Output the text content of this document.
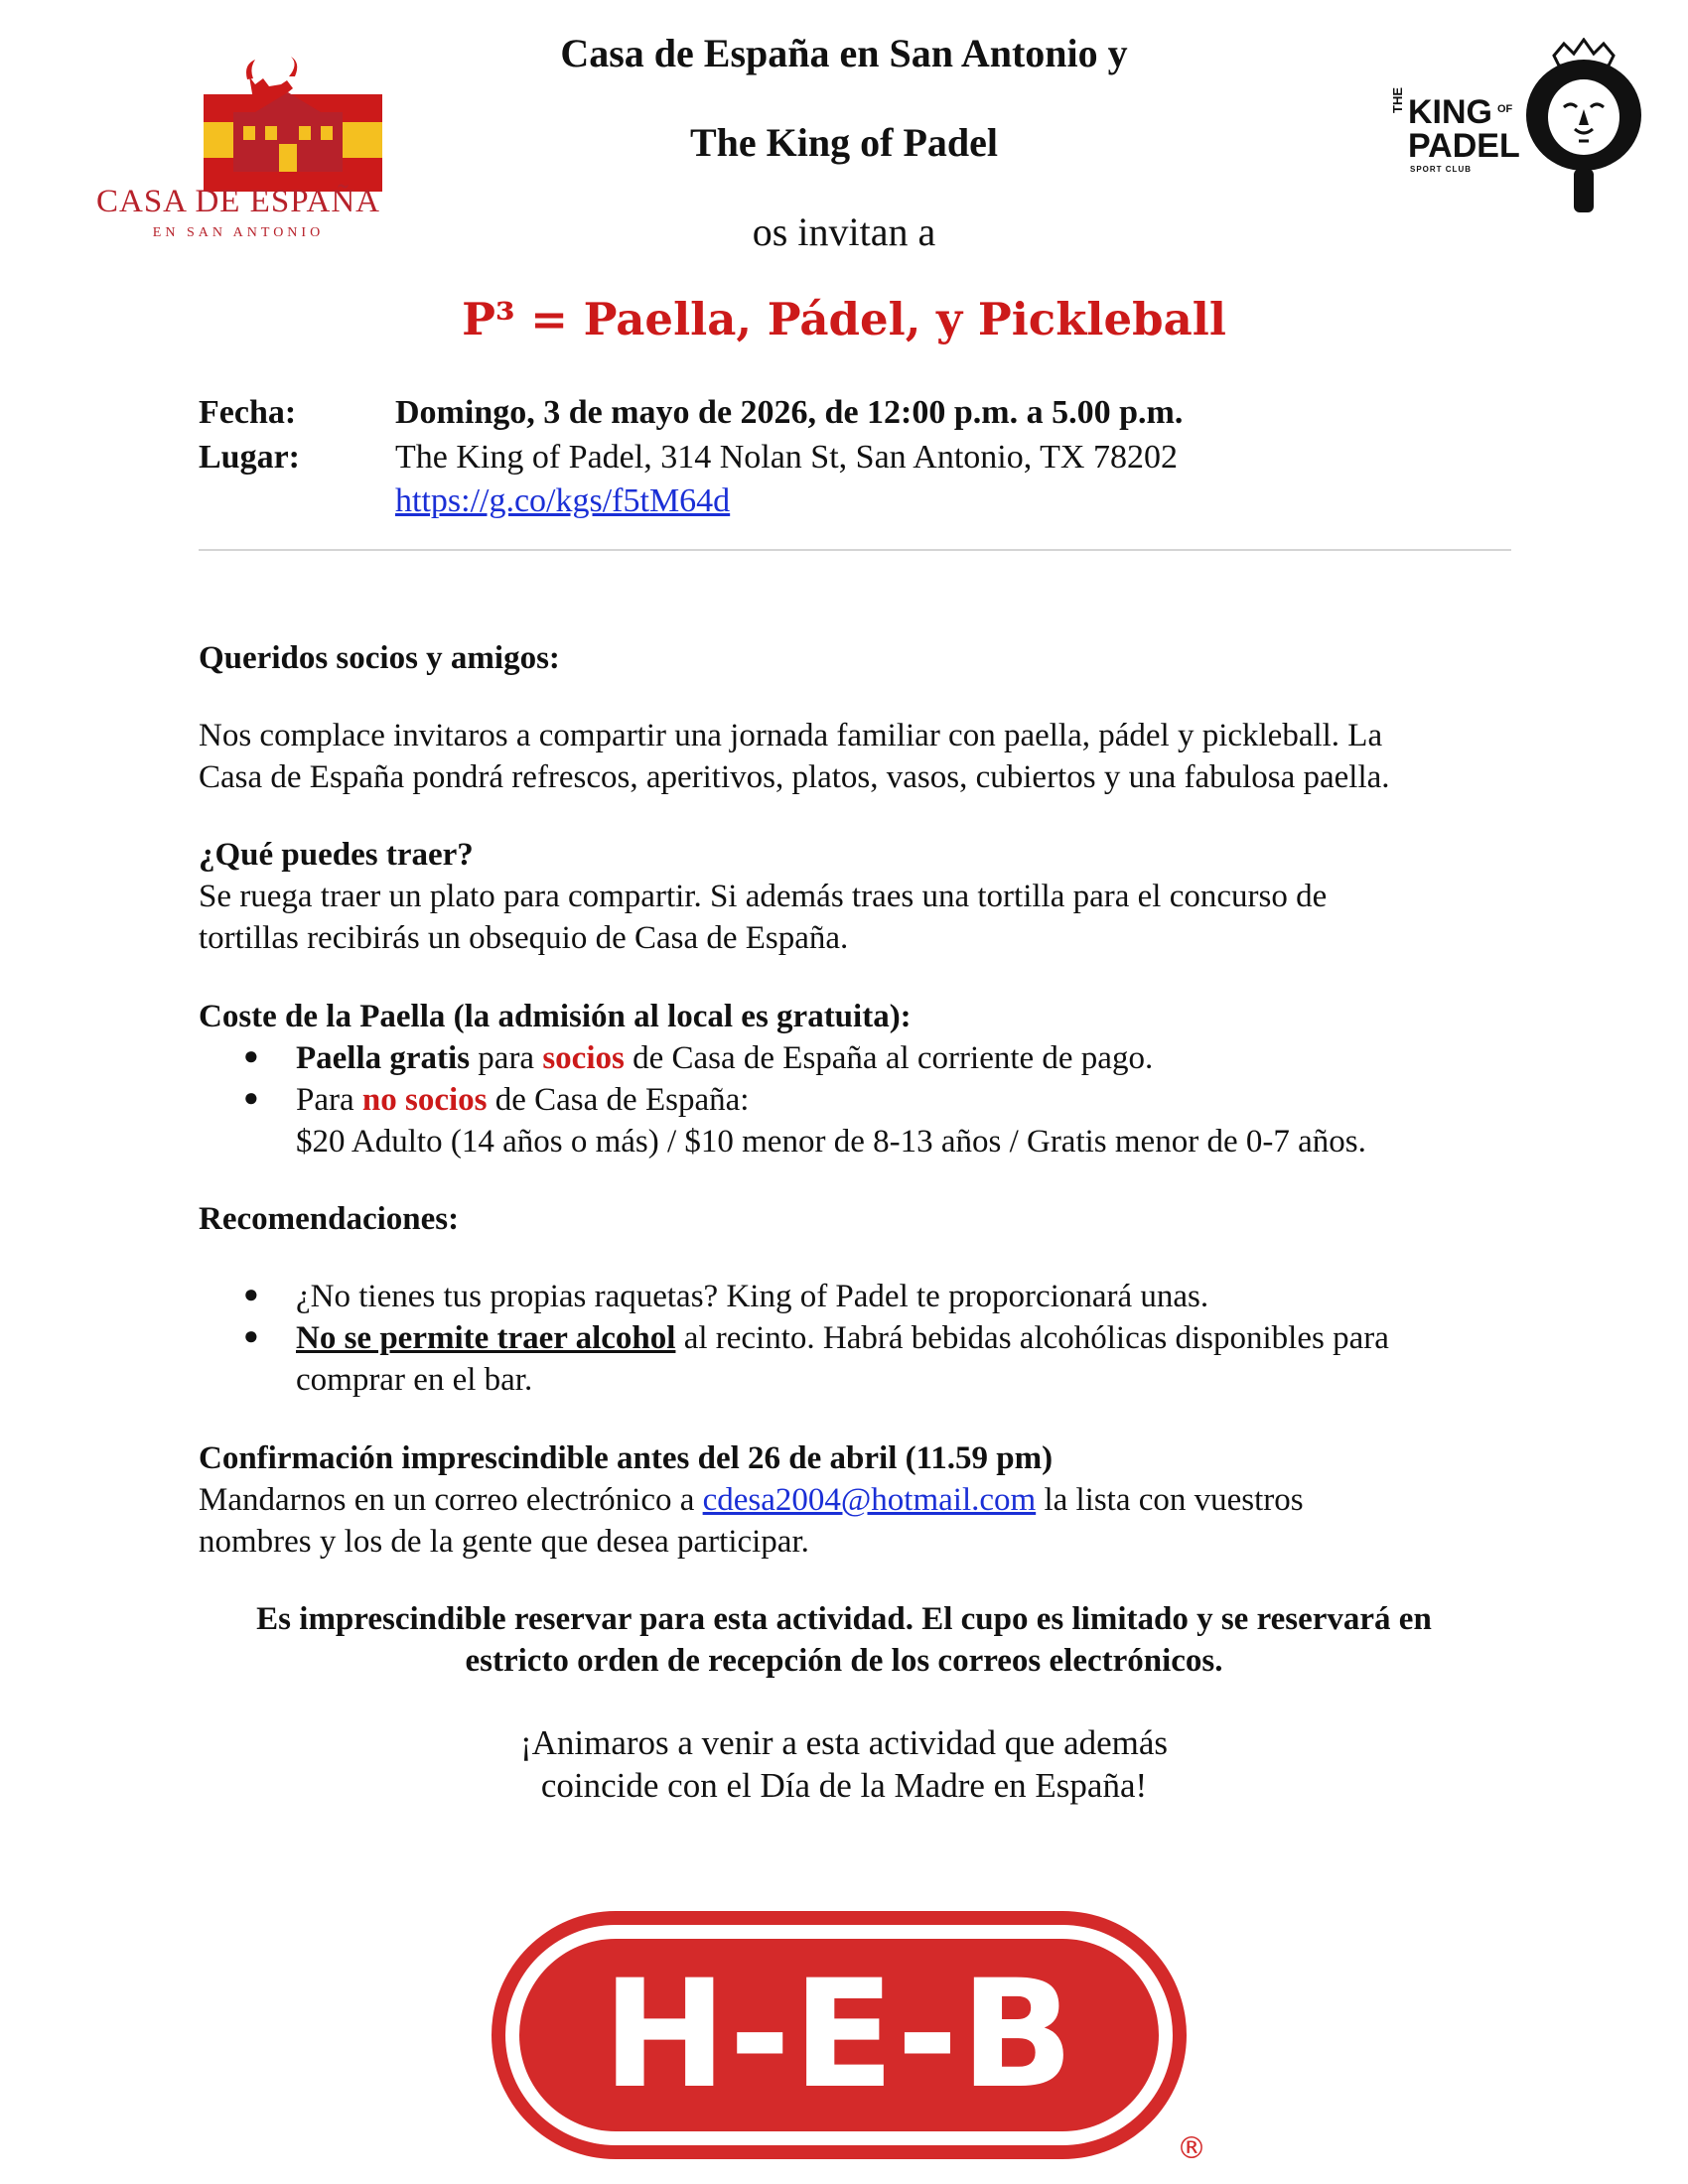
CASA DE ESPAÑA
EN SAN ANTONIO
THE KING OF
PADEL
SPORT CLUB
Casa de España en San Antonio y
The King of Padel
os invitan a
P³ = Paella, Pádel, y Pickleball
Fecha:	Domingo, 3 de mayo de 2026, de 12:00 p.m. a 5.00 p.m.
Lugar:	The King of Padel, 314 Nolan St, San Antonio, TX 78202
https://g.co/kgs/f5tM64d
Queridos socios y amigos:
Nos complace invitaros a compartir una jornada familiar con paella, pádel y pickleball. La
Casa de España pondrá refrescos, aperitivos, platos, vasos, cubiertos y una fabulosa paella.
¿Qué puedes traer?
Se ruega traer un plato para compartir. Si además traes una tortilla para el concurso de
tortillas recibirás un obsequio de Casa de España.
Coste de la Paella (la admisión al local es gratuita):
● Paella gratis para socios de Casa de España al corriente de pago.
● Para no socios de Casa de España:
$20 Adulto (14 años o más) / $10 menor de 8-13 años / Gratis menor de 0-7 años.
Recomendaciones:
● ¿No tienes tus propias raquetas? King of Padel te proporcionará unas.
● No se permite traer alcohol al recinto. Habrá bebidas alcohólicas disponibles para
comprar en el bar.
Confirmación imprescindible antes del 26 de abril (11.59 pm)
Mandarnos en un correo electrónico a cdesa2004@hotmail.com la lista con vuestros
nombres y los de la gente que desea participar.
Es imprescindible reservar para esta actividad. El cupo es limitado y se reservará en
estricto orden de recepción de los correos electrónicos.
¡Animaros a venir a esta actividad que además
coincide con el Día de la Madre en España!
H-E-B
®
